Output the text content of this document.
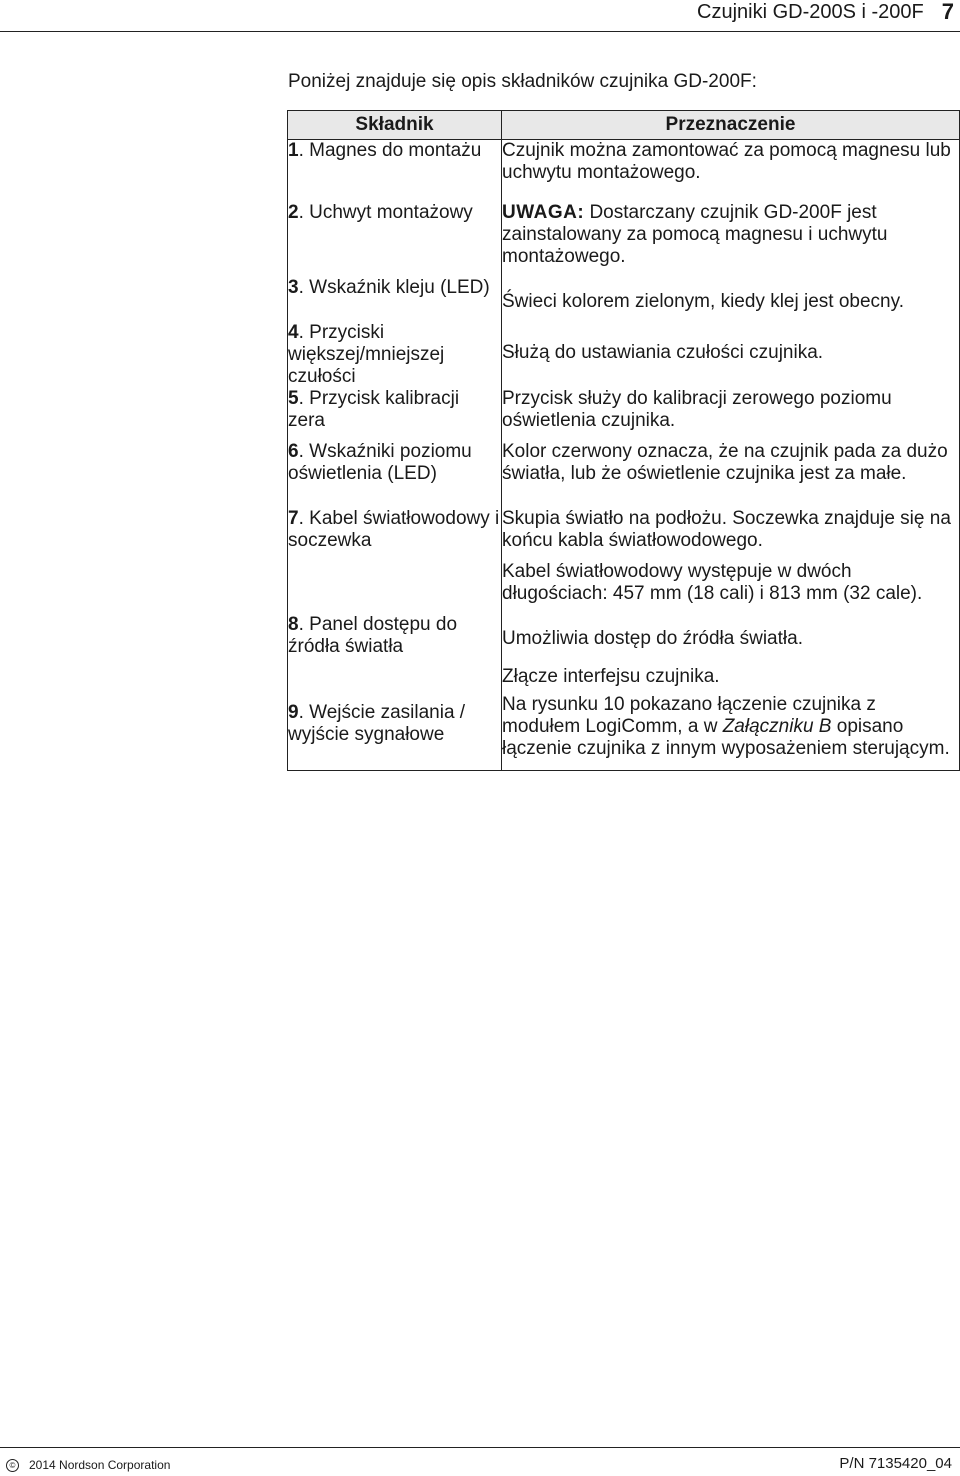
Czujniki GD-200S i -200F 7
Poniżej znajduje się opis składników czujnika GD-200F:
Składnik	Przeznaczenie
1. Magnes do montażu	Czujnik można zamontować za pomocą magnesu lub uchwytu montażowego.

2. Uchwyt montażowy	UWAGA: Dostarczany czujnik GD-200F jest zainstalowany za pomocą magnesu i uchwytu montażowego.

3. Wskaźnik kleju (LED)	Świeci kolorem zielonym, kiedy klej jest obecny.

4. Przyciski większej/mniejszej czułości	Służą do ustawiania czułości czujnika.

5. Przycisk kalibracji zera	Przycisk służy do kalibracji zerowego poziomu oświetlenia czujnika.

6. Wskaźniki poziomu oświetlenia (LED)	Kolor czerwony oznacza, że na czujnik pada za dużo światła, lub że oświetlenie czujnika jest za małe.

7. Kabel światłowodowy i soczewka	Skupia światło na podłożu. Soczewka znajduje się na końcu kabla światłowodowego.

Kabel światłowodowy występuje w dwóch długościach: 457 mm (18 cali) i 813 mm (32 cale).

8. Panel dostępu do źródła światła	Umożliwia dostęp do źródła światła.

9. Wejście zasilania / wyjście sygnałowe	Złącze interfejsu czujnika.

Na rysunku 10 pokazano łączenie czujnika z modułem LogiComm, a w Załączniku B opisano łączenie czujnika z innym wyposażeniem sterującym.

© 2014 Nordson Corporation	P/N 7135420_04
